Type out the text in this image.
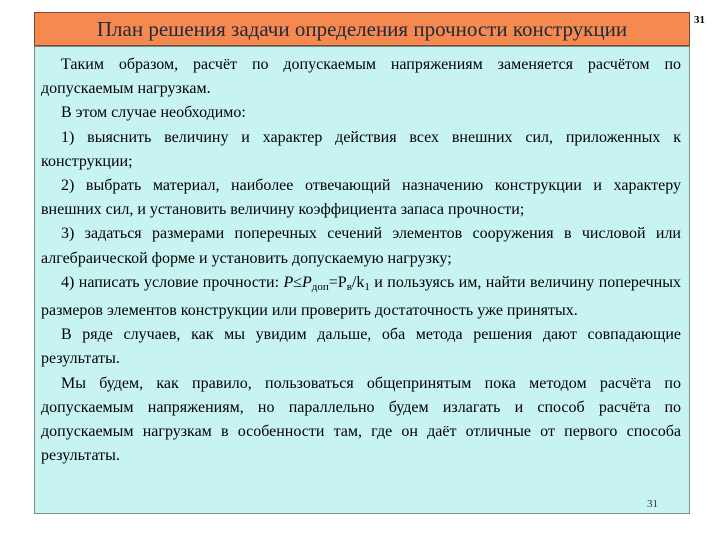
31
План решения задачи определения прочности конструкции

Таким образом, расчёт по допускаемым напряжениям заменяется расчётом по допускаемым нагрузкам.

В этом случае необходимо:

1) выяснить величину и характер действия всех внешних сил, приложенных к конструкции;

2) выбрать материал, наиболее отвечающий назначению конструкции и характеру внешних сил, и установить величину коэффициента запаса прочности;

3) задаться размерами поперечных сечений элементов сооружения в числовой или алгебраической форме и установить допускаемую нагрузку;

4) написать условие прочности: $P\le P_{доп}=P_в/k_1$ и пользуясь им, найти величину поперечных размеров элементов конструкции или проверить достаточность уже принятых.

В ряде случаев, как мы увидим дальше, оба метода решения дают совпадающие результаты.

Мы будем, как правило, пользоваться общепринятым пока методом расчёта по допускаемым напряжениям, но параллельно будем излагать и способ расчёта по допускаемым нагрузкам в особенности там, где он даёт отличные от первого способа результаты.

31
